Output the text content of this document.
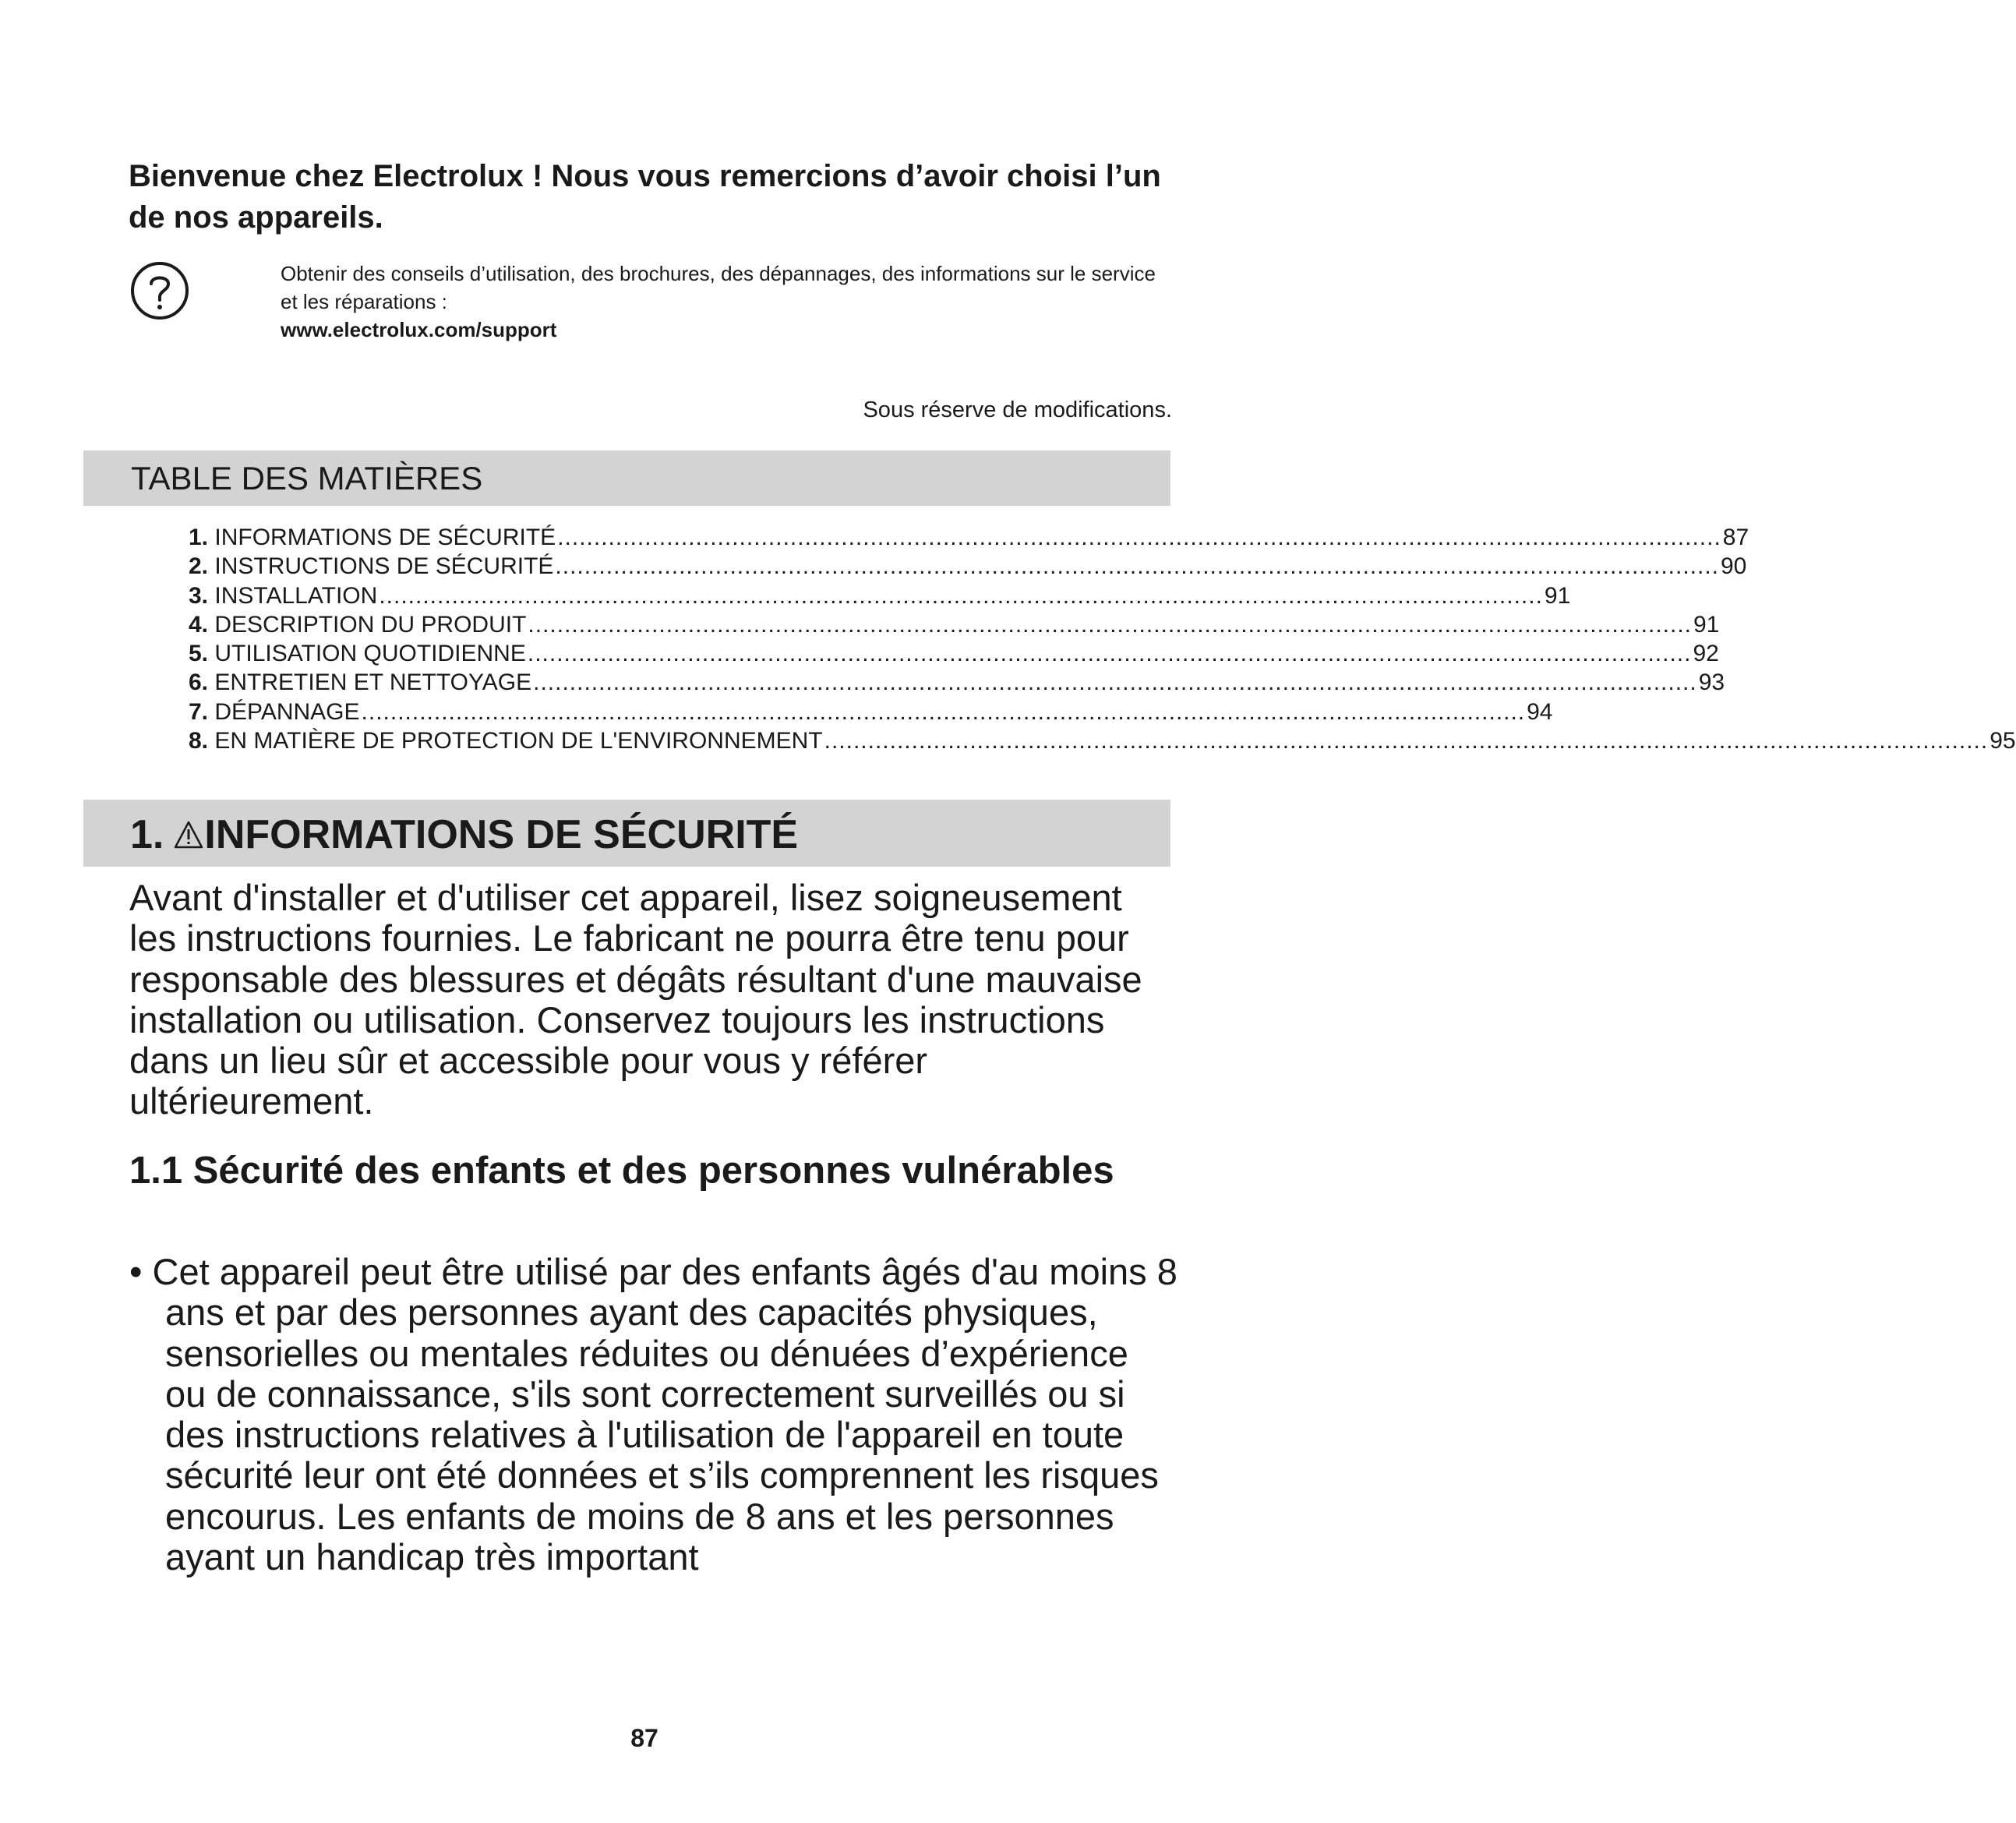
Bienvenue chez Electrolux ! Nous vous remercions d’avoir choisi l’un de nos appareils.
Obtenir des conseils d’utilisation, des brochures, des dépannages, des informations sur le service et les réparations :
www.electrolux.com/support
Sous réserve de modifications.
TABLE DES MATIÈRES
1.
INFORMATIONS DE SÉCURITÉ ................................................................................................................................................................ 87
2.
INSTRUCTIONS DE SÉCURITÉ ................................................................................................................................................................ 90
3.
INSTALLATION ................................................................................................................................................................ 91
4.
DESCRIPTION DU PRODUIT ................................................................................................................................................................ 91
5.
UTILISATION QUOTIDIENNE ................................................................................................................................................................ 92
6.
ENTRETIEN ET NETTOYAGE ................................................................................................................................................................ 93
7.
DÉPANNAGE ................................................................................................................................................................ 94
8.
EN MATIÈRE DE PROTECTION DE L'ENVIRONNEMENT ................................................................................................................................................................ 95
1. INFORMATIONS DE SÉCURITÉ

Avant d'installer et d'utiliser cet appareil, lisez soigneusement les instructions fournies. Le fabricant ne pourra être tenu pour responsable des blessures et dégâts résultant d'une mauvaise installation ou utilisation. Conservez toujours les instructions dans un lieu sûr et accessible pour vous y référer ultérieurement.

1.1 Sécurité des enfants et des personnes vulnérables
• Cet appareil peut être utilisé par des enfants âgés d'au moins 8 ans et par des personnes ayant des capacités physiques, sensorielles ou mentales réduites ou dénuées d’expérience ou de connaissance, s'ils sont correctement surveillés ou si des instructions relatives à l'utilisation de l'appareil en toute sécurité leur ont été données et s’ils comprennent les risques encourus. Les enfants de moins de 8 ans et les personnes ayant un handicap très important
87
